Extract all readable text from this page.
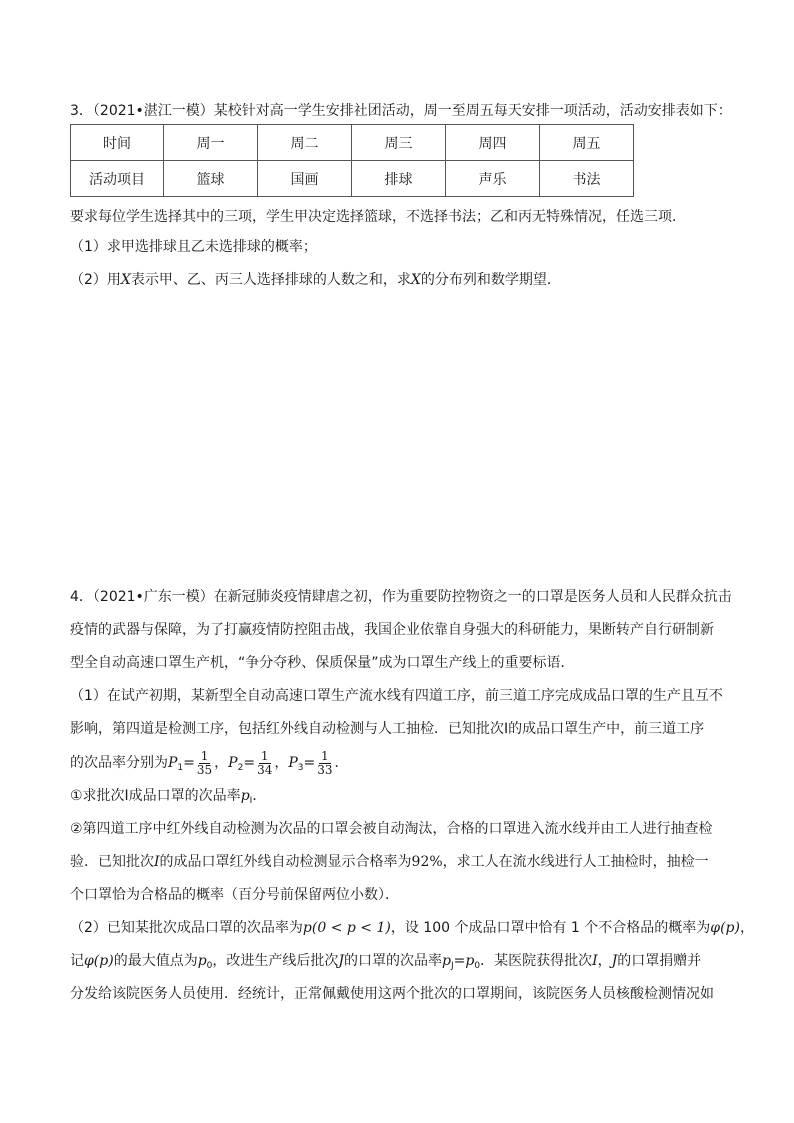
3．（2021•湛江一模）某校针对高一学生安排社团活动，周一至周五每天安排一项活动，活动安排表如下：
时间	周一	周二	周三	周四	周五
活动项目	篮球	国画	排球	声乐	书法
要求每位学生选择其中的三项，学生甲决定选择篮球，不选择书法；乙和丙无特殊情况，任选三项．
（1）求甲选排球且乙未选排球的概率；
（2）用X表示甲、乙、丙三人选择排球的人数之和，求X的分布列和数学期望．
4．（2021•广东一模）在新冠肺炎疫情肆虐之初，作为重要防控物资之一的口罩是医务人员和人民群众抗击
疫情的武器与保障，为了打赢疫情防控阻击战，我国企业依靠自身强大的科研能力，果断转产自行研制新
型全自动高速口罩生产机，“争分夺秒、保质保量”成为口罩生产线上的重要标语．
（1）在试产初期，某新型全自动高速口罩生产流水线有四道工序，前三道工序完成成品口罩的生产且互不
影响，第四道是检测工序，包括红外线自动检测与人工抽检．已知批次Ⅰ的成品口罩生产中，前三道工序
的次品率分别为$P_1= \frac{1}{35}$ ，$P_2= \frac{1}{34}$ ，$P_3= \frac{1}{33}$ ．
①求批次Ⅰ成品口罩的次品率$p_Ⅰ$．
②第四道工序中红外线自动检测为次品的口罩会被自动淘汰，合格的口罩进入流水线并由工人进行抽查检
验．已知批次I的成品口罩红外线自动检测显示合格率为92%，求工人在流水线进行人工抽检时，抽检一
个口罩恰为合格品的概率（百分号前保留两位小数）．
（2）已知某批次成品口罩的次品率为p(0 < p < 1)，设 100 个成品口罩中恰有 1 个不合格品的概率为φ(p)，
记φ(p)的最大值点为$p_0$，改进生产线后批次J的口罩的次品率$p_J=p_0$．某医院获得批次I，J的口罩捐赠并
分发给该院医务人员使用．经统计，正常佩戴使用这两个批次的口罩期间，该院医务人员核酸检测情况如
